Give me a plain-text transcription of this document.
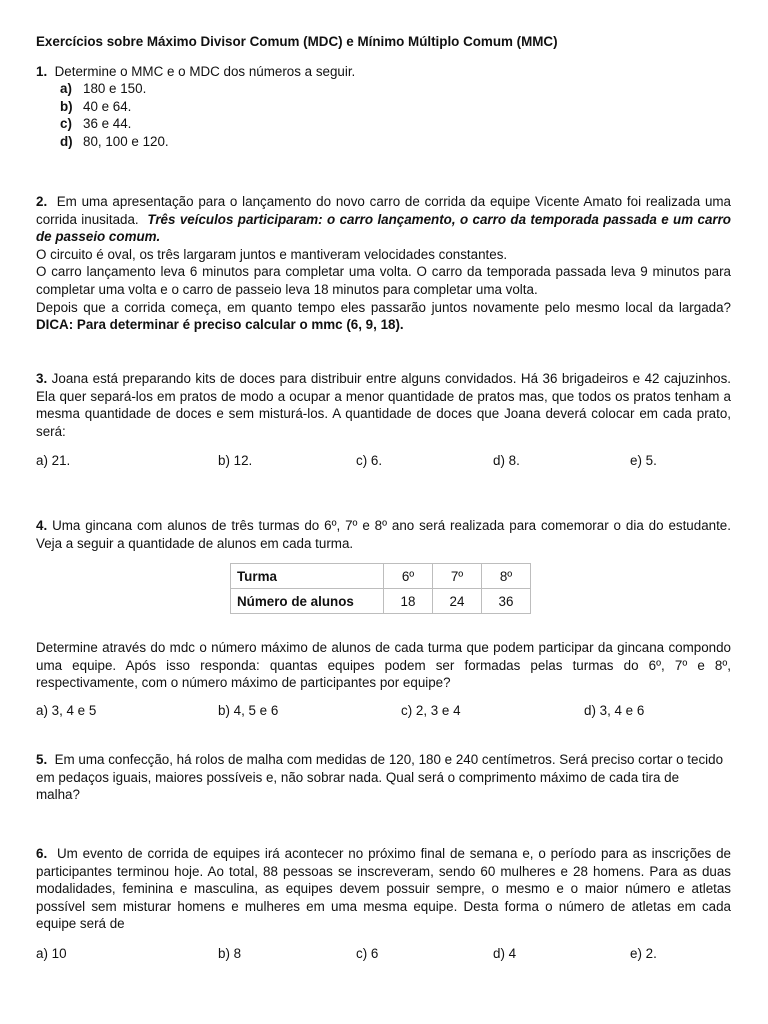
Exercícios sobre Máximo Divisor Comum (MDC) e Mínimo Múltiplo Comum (MMC)

1. Determine o MMC e o MDC dos números a seguir.

a) 180 e 150.
b) 40 e 64.
c) 36 e 44.
d) 80, 100 e 120.

2. Em uma apresentação para o lançamento do novo carro de corrida da equipe Vicente Amato foi realizada uma corrida inusitada. Três veículos participaram: o carro lançamento, o carro da temporada passada e um carro de passeio comum.

O circuito é oval, os três largaram juntos e mantiveram velocidades constantes.

O carro lançamento leva 6 minutos para completar uma volta. O carro da temporada passada leva 9 minutos para completar uma volta e o carro de passeio leva 18 minutos para completar uma volta.

Depois que a corrida começa, em quanto tempo eles passarão juntos novamente pelo mesmo local da largada? DICA: Para determinar é preciso calcular o mmc (6, 9, 18).

3. Joana está preparando kits de doces para distribuir entre alguns convidados. Há 36 brigadeiros e 42 cajuzinhos. Ela quer separá-los em pratos de modo a ocupar a menor quantidade de pratos mas, que todos os pratos tenham a mesma quantidade de doces e sem misturá-los. A quantidade de doces que Joana deverá colocar em cada prato, será:

a) 21.	b) 12.	c) 6.	d) 8.	e) 5.

4. Uma gincana com alunos de três turmas do 6º, 7º e 8º ano será realizada para comemorar o dia do estudante. Veja a seguir a quantidade de alunos em cada turma.

Turma	6º	7º	8º
Número de alunos	18	24	36

Determine através do mdc o número máximo de alunos de cada turma que podem participar da gincana compondo uma equipe. Após isso responda: quantas equipes podem ser formadas pelas turmas do 6º, 7º e 8º, respectivamente, com o número máximo de participantes por equipe?

a) 3, 4 e 5	b) 4, 5 e 6	c) 2, 3 e 4	d) 3, 4 e 6

5. Em uma confecção, há rolos de malha com medidas de 120, 180 e 240 centímetros. Será preciso cortar o tecido em pedaços iguais, maiores possíveis e, não sobrar nada. Qual será o comprimento máximo de cada tira de malha?

6. Um evento de corrida de equipes irá acontecer no próximo final de semana e, o período para as inscrições de participantes terminou hoje. Ao total, 88 pessoas se inscreveram, sendo 60 mulheres e 28 homens. Para as duas modalidades, feminina e masculina, as equipes devem possuir sempre, o mesmo e o maior número e atletas possível sem misturar homens e mulheres em uma mesma equipe. Desta forma o número de atletas em cada equipe será de

a) 10	b) 8	c) 6	d) 4	e) 2.
